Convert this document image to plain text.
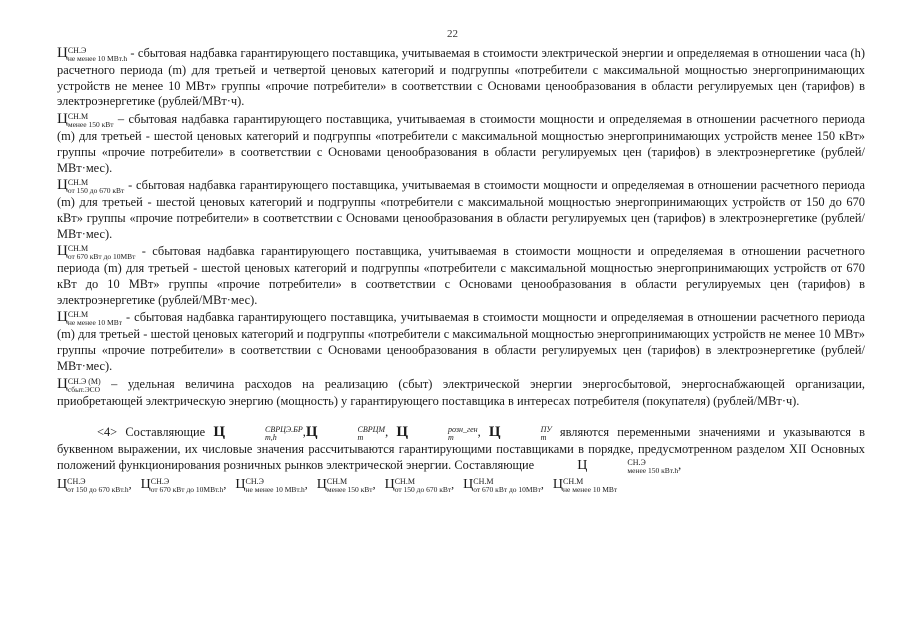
22

Ц СН.Э
не менее 10 МВт.h - сбытовая надбавка гарантирующего поставщика, учитываемая в стоимости электрической энергии и определяемая в отношении часа (h) расчетного периода (m) для третьей и четвертой ценовых категорий и подгруппы «потребители с максимальной мощностью энергопринимающих устройств не менее 10 МВт» группы «прочие потребители» в соответствии с Основами ценообразования в области регулируемых цен (тарифов) в электроэнергетике (рублей/МВт·ч).

Ц СН.М
менее 150 кВт – сбытовая надбавка гарантирующего поставщика, учитываемая в стоимости мощности и определяемая в отношении расчетного периода (m) для третьей - шестой ценовых категорий и подгруппы «потребители с максимальной мощностью энергопринимающих устройств менее 150 кВт» группы «прочие потребители» в соответствии с Основами ценообразования в области регулируемых цен (тарифов) в электроэнергетике (рублей/МВт·мес).

Ц СН.М
от 150 до 670 кВт - сбытовая надбавка гарантирующего поставщика, учитываемая в стоимости мощности и определяемая в отношении расчетного периода (m) для третьей - шестой ценовых категорий и подгруппы «потребители с максимальной мощностью энергопринимающих устройств от 150 до 670 кВт» группы «прочие потребители» в соответствии с Основами ценообразования в области регулируемых цен (тарифов) в электроэнергетике (рублей/МВт·мес).

Ц СН.М
от 670 кВт до 10МВт - сбытовая надбавка гарантирующего поставщика, учитываемая в стоимости мощности и определяемая в отношении расчетного периода (m) для третьей - шестой ценовых категорий и подгруппы «потребители с максимальной мощностью энергопринимающих устройств от 670 кВт до 10 МВт» группы «прочие потребители» в соответствии с Основами ценообразования в области регулируемых цен (тарифов) в электроэнергетике (рублей/МВт·мес).

Ц СН.М
не менее 10 МВт - сбытовая надбавка гарантирующего поставщика, учитываемая в стоимости мощности и определяемая в отношении расчетного периода (m) для третьей - шестой ценовых категорий и подгруппы «потребители с максимальной мощностью энергопринимающих устройств не менее 10 МВт» группы «прочие потребители» в соответствии с Основами ценообразования в области регулируемых цен (тарифов) в электроэнергетике (рублей/МВт·мес).

Ц СН.Э (М)
сбыт.ЭСО – удельная величина расходов на реализацию (сбыт) электрической энергии энергосбытовой, энергоснабжающей организации, приобретающей электрическую энергию (мощность) у гарантирующего поставщика в интересах потребителя (покупателя) (рублей/МВт·ч).

<4> Составляющие Ц	СВРЦЭ.БР
m,h	,Ц	СВРЦМ
m	, Ц	розн_ген
m	, Ц	ПУ
m являются переменными значениями и указываются в буквенном выражении, их числовые значения рассчитываются гарантирующими поставщиками в порядке, предусмотренном разделом XII Основных положений функционирования розничных рынков электрической энергии. Составляющие	Ц	СН.Э
менее 150 кВт.h ,

Ц СН.Э
от 150 до 670 кВт.h , Ц СН.Э
от 670 кВт до 10МВт.h , Ц СН.Э
не менее 10 МВт.h , Ц СН.М
менее 150 кВт , Ц СН.М
от 150 до 670 кВт , Ц СН.М
от 670 кВт до 10МВт , Ц СН.М
не менее 10 МВт
